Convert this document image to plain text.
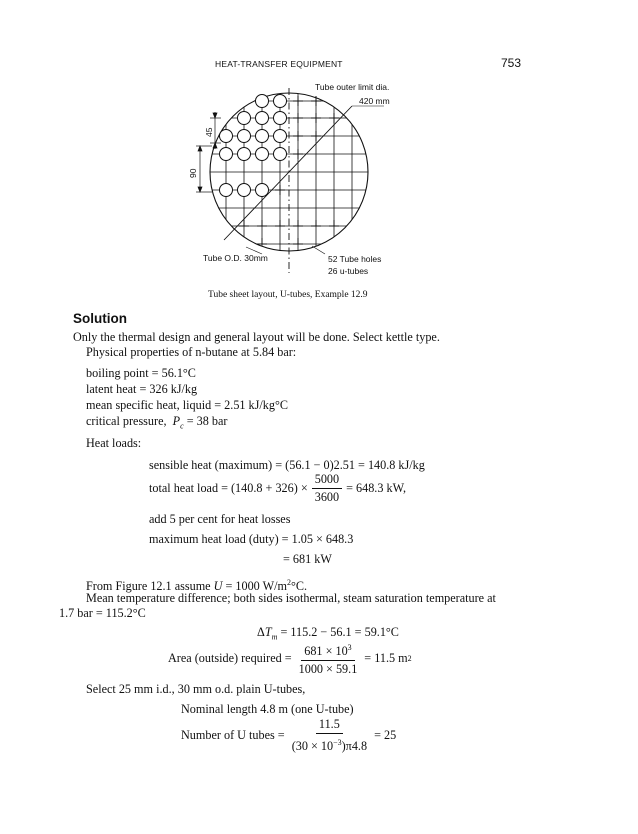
HEAT-TRANSFER EQUIPMENT	753
Tube outer limit dia.
420 mm
45
90
Tube O.D. 30mm	52 Tube holes
26 u-tubes
Tube sheet layout, U-tubes, Example 12.9
Solution
Only the thermal design and general layout will be done. Select kettle type.
Physical properties of n-butane at 5.84 bar:
boiling point = 56.1°C
latent heat = 326 kJ/kg
mean specific heat, liquid = 2.51 kJ/kg°C
critical pressure, $P_c = 38$ bar
Heat loads:
sensible heat (maximum) = (56.1 − 0)2.51 = 140.8 kJ/kg
total heat load = $(140.8 + 326) \times \frac{5000}{3600} = 648.3$ kW,
add 5 per cent for heat losses
maximum heat load (duty) = 1.05 × 648.3
= 681 kW
From Figure 12.1 assume U = 1000 $W/m^2^\circ C$.
Mean temperature difference; both sides isothermal, steam saturation temperature at
1.7 bar = 115.2°C
$\Delta T_m = 115.2 - 56.1 = 59.1^\circ C$
Area (outside) required = $\frac{681 \times 10^3}{1000 \times 59.1} = 11.5$ m 2
Select 25 mm i.d., 30 mm o.d. plain U-tubes,
Nominal length 4.8 m (one U-tube)
Number of U tubes = $\frac{11.5}{(30 \times 10^{-3})\pi 4.8} = 25$
